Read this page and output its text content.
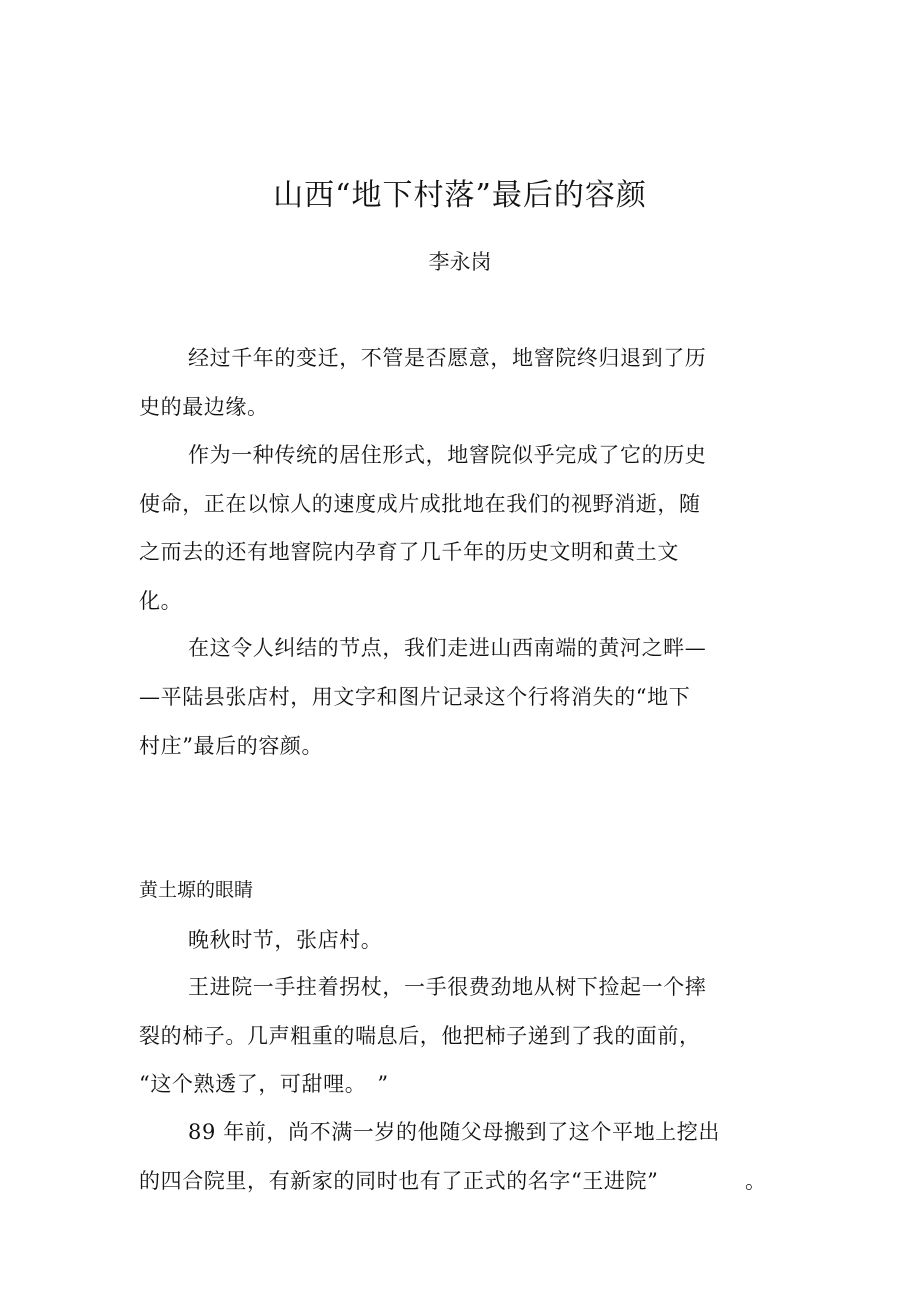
山西“地下村落”最后的容颜
李永岗
经过千年的变迁，不管是否愿意，地窨院终归退到了历
史的最边缘。
作为一种传统的居住形式，地窨院似乎完成了它的历史
使命，正在以惊人的速度成片成批地在我们的视野消逝，随
之而去的还有地窨院内孕育了几千年的历史文明和黄土文
化。
在这令人纠结的节点，我们走进山西南端的黄河之畔—
—平陆县张店村，用文字和图片记录这个行将消失的“地下
村庄”最后的容颜。
黄土塬的眼睛
晚秋时节，张店村。
王进院一手拄着拐杖，一手很费劲地从树下捡起一个摔
裂的柿子。几声粗重的喘息后，他把柿子递到了我的面前，
“这个熟透了，可甜哩。　”
89 年前，尚不满一岁的他随父母搬到了这个平地上挖出
的四合院里，有新家的同时也有了正式的名字“王进院”	。
